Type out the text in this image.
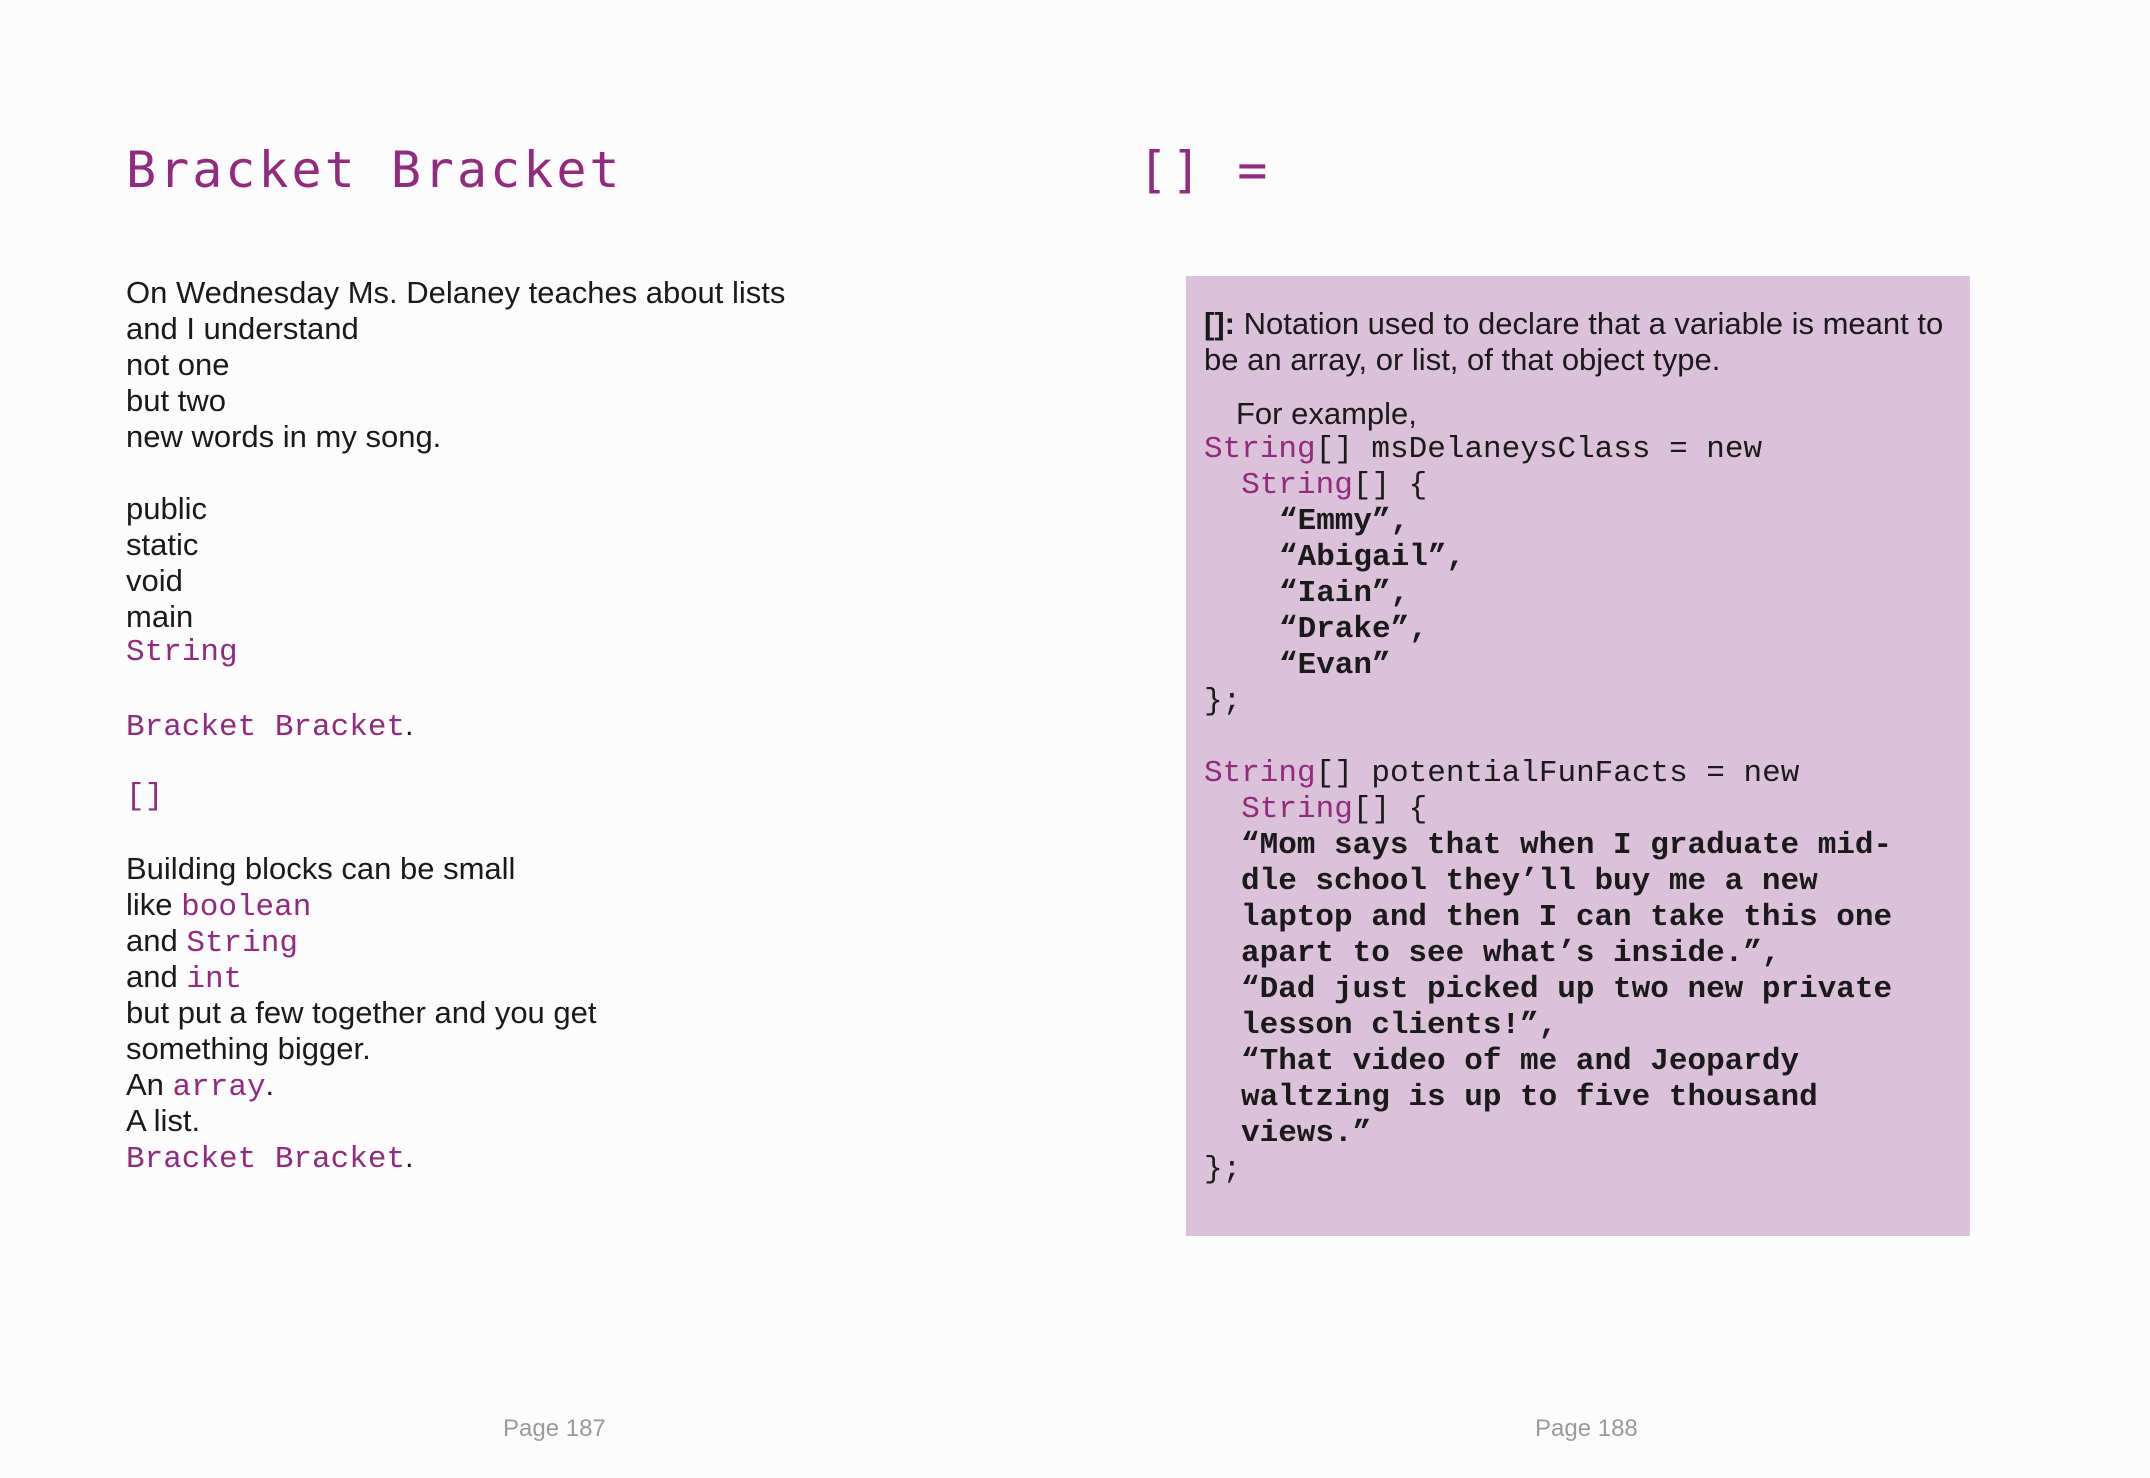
Bracket Bracket
On Wednesday Ms. Delaney teaches about lists
and I understand
not one
but two
new words in my song.
public
static
void
main
String
Bracket Bracket.
[]
Building blocks can be small
like boolean
and String
and int
but put a few together and you get
something bigger.
An array.
A list.
Bracket Bracket.
Page 187
[] =
Page 188

[]: Notation used to declare that a variable is meant to be an array, or list, of that object type.

For example,
String[] msDelaneysClass = new
String[] {
“Emmy”,
“Abigail”,
“Iain”,
“Drake”,
“Evan”
};
String[] potentialFunFacts = new
String[] {
“Mom says that when I graduate mid-
dle school they’ll buy me a new
laptop and then I can take this one
apart to see what’s inside.”,
“Dad just picked up two new private
lesson clients!”,
“That video of me and Jeopardy
waltzing is up to five thousand
views.”
};
